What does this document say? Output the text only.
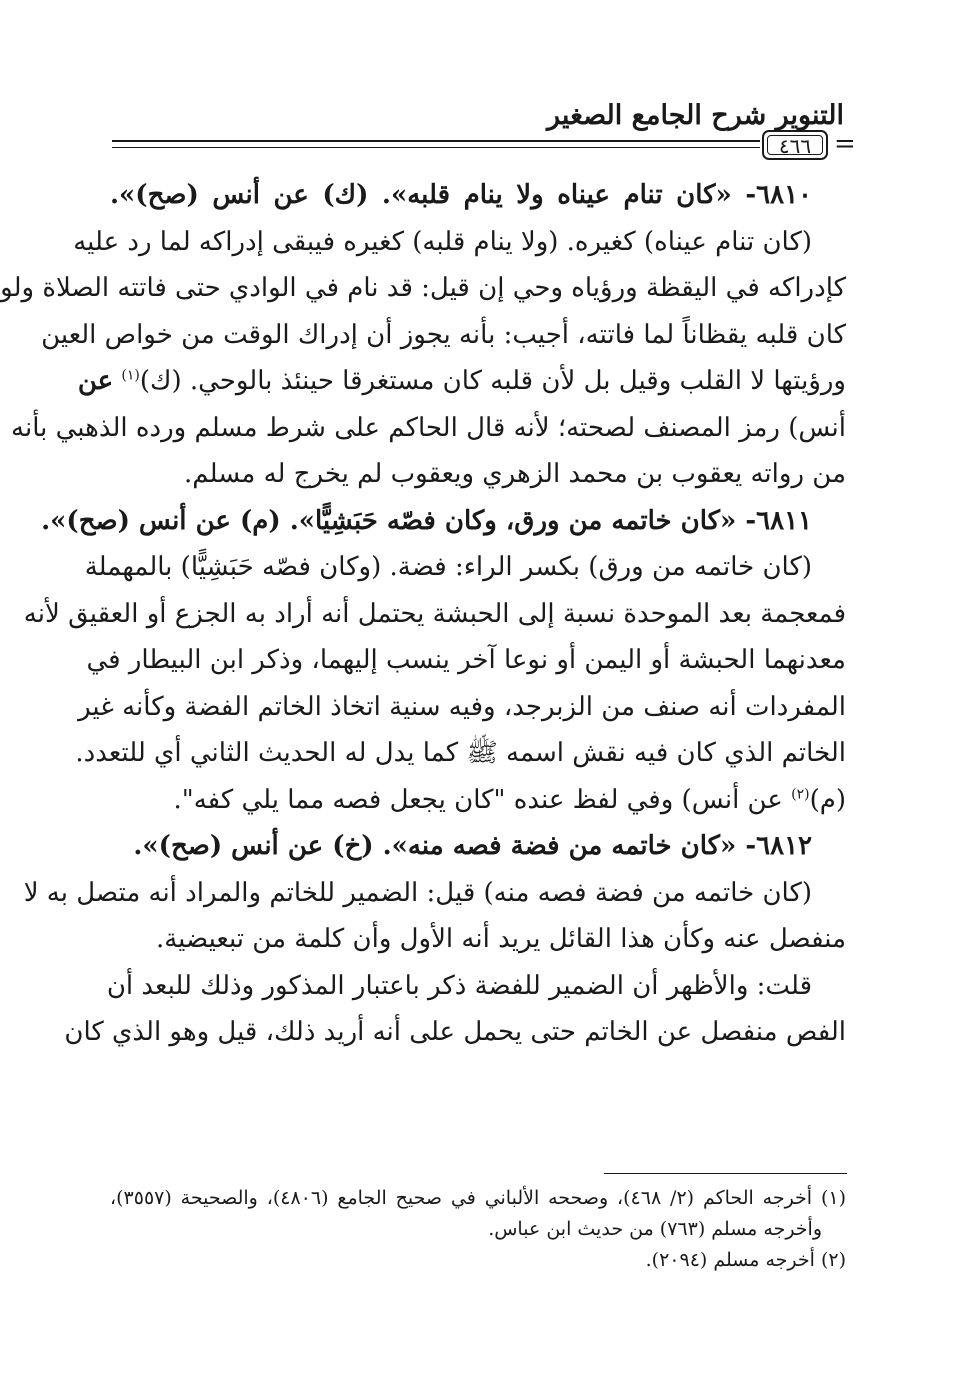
التنوير شرح الجامع الصغير
٤٦٦ =
٦٨١٠- «كان تنام عيناه ولا ينام قلبه». (ك) عن أنس (صح)».
(كان تنام عيناه) كغيره. (ولا ينام قلبه) كغيره فيبقى إدراكه لما رد عليه
كإدراكه في اليقظة ورؤياه وحي إن قيل: قد نام في الوادي حتى فاتته الصلاة ولو
كان قلبه يقظاناً لما فاتته، أجيب: بأنه يجوز أن إدراك الوقت من خواص العين
ورؤيتها لا القلب وقيل بل لأن قلبه كان مستغرقا حينئذ بالوحي. (ك)$^{(١)}$ عن
أنس) رمز المصنف لصحته؛ لأنه قال الحاكم على شرط مسلم ورده الذهبي بأنه
من رواته يعقوب بن محمد الزهري ويعقوب لم يخرج له مسلم.
٦٨١١- «كان خاتمه من ورق، وكان فصّه حَبَشِيًّا». (م) عن أنس (صح)».
(كان خاتمه من ورق) بكسر الراء: فضة. (وكان فصّه حَبَشِيًّا) بالمهملة
فمعجمة بعد الموحدة نسبة إلى الحبشة يحتمل أنه أراد به الجزع أو العقيق لأنه
معدنهما الحبشة أو اليمن أو نوعا آخر ينسب إليهما، وذكر ابن البيطار في
المفردات أنه صنف من الزبرجد، وفيه سنية اتخاذ الخاتم الفضة وكأنه غير
الخاتم الذي كان فيه نقش اسمه ﷺ كما يدل له الحديث الثاني أي للتعدد.
(م)$^{(٢)}$ عن أنس) وفي لفظ عنده "كان يجعل فصه مما يلي كفه".
٦٨١٢- «كان خاتمه من فضة فصه منه». (خ) عن أنس (صح)».
(كان خاتمه من فضة فصه منه) قيل: الضمير للخاتم والمراد أنه متصل به لا
منفصل عنه وكأن هذا القائل يريد أنه الأول وأن كلمة من تبعيضية.
قلت: والأظهر أن الضمير للفضة ذكر باعتبار المذكور وذلك للبعد أن
الفص منفصل عن الخاتم حتى يحمل على أنه أريد ذلك، قيل وهو الذي كان
(١) أخرجه الحاكم (٢/ ٤٦٨)، وصححه الألباني في صحيح الجامع (٤٨٠٦)، والصحيحة (٣٥٥٧)،
وأخرجه مسلم (٧٦٣) من حديث ابن عباس.
(٢) أخرجه مسلم (٢٠٩٤).
